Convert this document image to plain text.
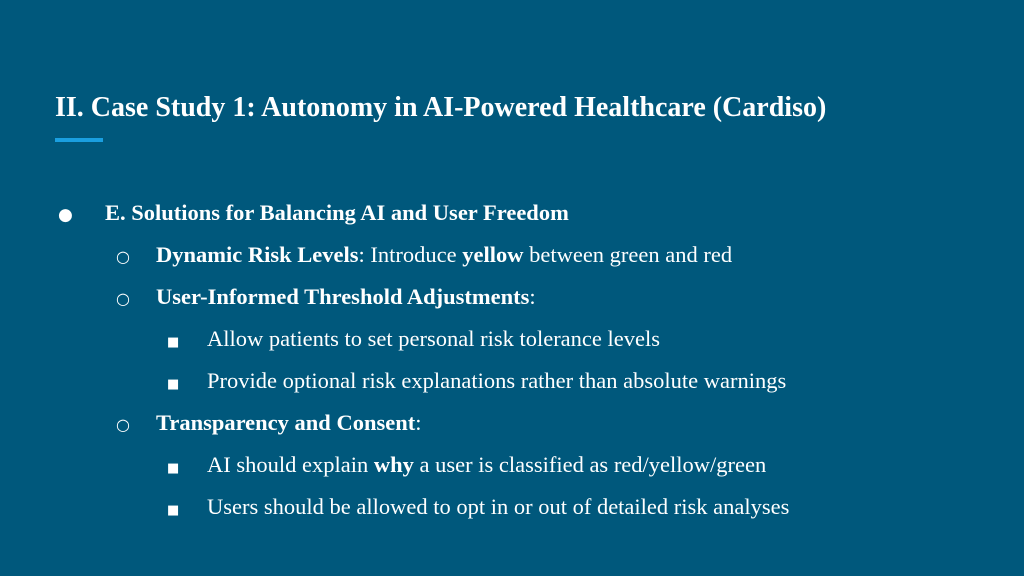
II. Case Study 1: Autonomy in AI-Powered Healthcare (Cardiso)
●	E. Solutions for Balancing AI and User Freedom
○	Dynamic Risk Levels: Introduce yellow between green and red
○	User-Informed Threshold Adjustments:
■	Allow patients to set personal risk tolerance levels
■	Provide optional risk explanations rather than absolute warnings
○	Transparency and Consent:
■	AI should explain why a user is classified as red/yellow/green
■	Users should be allowed to opt in or out of detailed risk analyses
